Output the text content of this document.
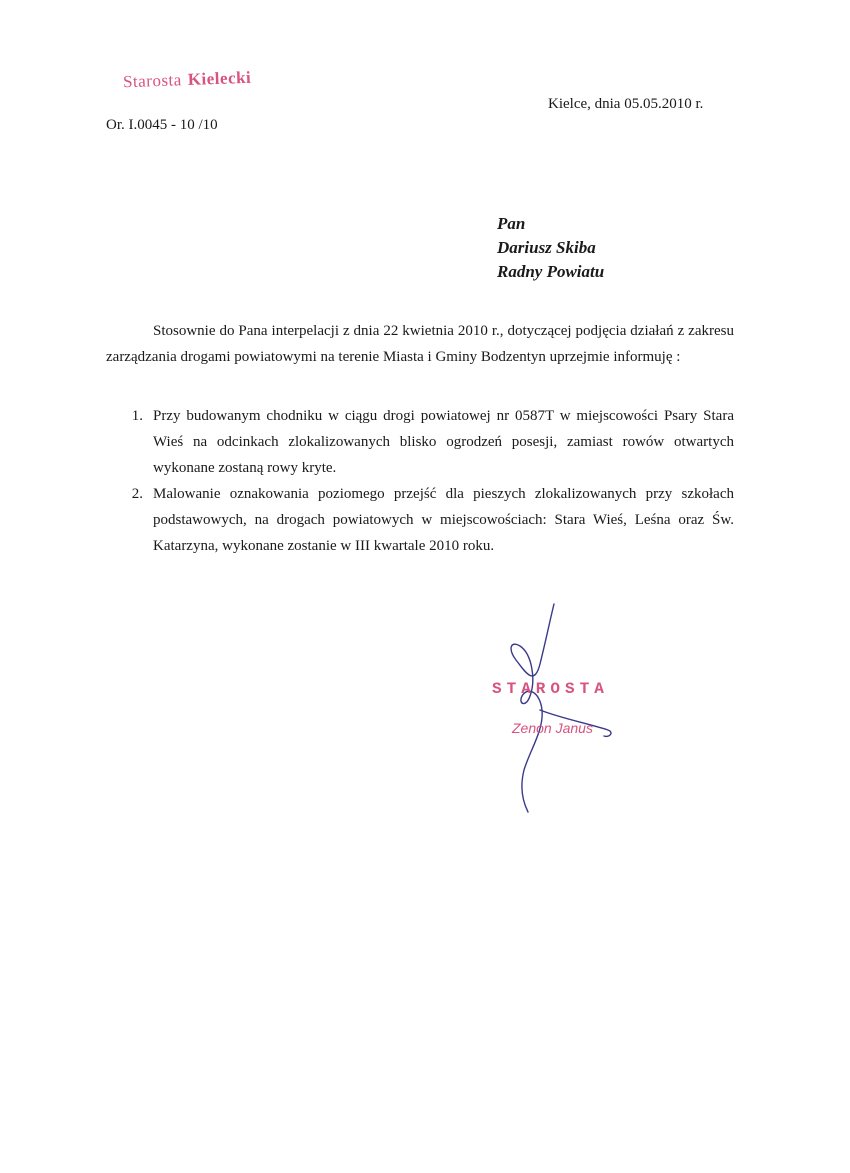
Starosta Kielecki
Kielce, dnia 05.05.2010 r.
Or. I.0045 - 10 /10
Pan
Dariusz Skiba
Radny Powiatu
Stosownie do Pana interpelacji z dnia 22 kwietnia 2010 r., dotyczącej podjęcia działań z zakresu zarządzania drogami powiatowymi na terenie Miasta i Gminy Bodzentyn uprzejmie informuję :
1. Przy budowanym chodniku w ciągu drogi powiatowej nr 0587T w miejscowości Psary Stara Wieś na odcinkach zlokalizowanych blisko ogrodzeń posesji, zamiast rowów otwartych wykonane zostaną rowy kryte.
2. Malowanie oznakowania poziomego przejść dla pieszych zlokalizowanych przy szkołach podstawowych, na drogach powiatowych w miejscowościach: Stara Wieś, Leśna oraz Św. Katarzyna, wykonane zostanie w III kwartale 2010 roku.
STAROSTA
Zenon Janus
